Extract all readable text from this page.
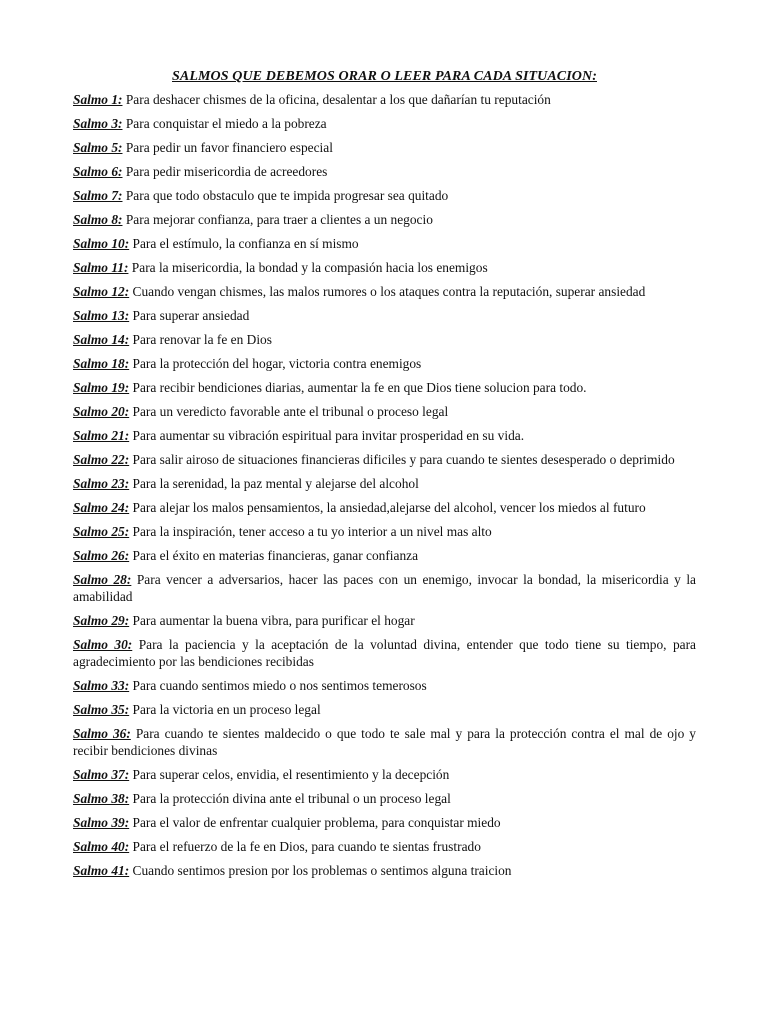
SALMOS QUE DEBEMOS ORAR O LEER PARA CADA SITUACION:
Salmo 1: Para deshacer chismes de la oficina, desalentar a los que dañarían tu reputación
Salmo 3: Para conquistar el miedo a la pobreza
Salmo 5: Para pedir un favor financiero especial
Salmo 6: Para pedir misericordia de acreedores
Salmo 7: Para que todo obstaculo que te impida progresar sea quitado
Salmo 8: Para mejorar confianza, para traer a clientes a un negocio
Salmo 10: Para el estímulo, la confianza en sí mismo
Salmo 11: Para la misericordia, la bondad y la compasión hacia los enemigos
Salmo 12: Cuando vengan chismes, las malos rumores o los ataques contra la reputación, superar ansiedad
Salmo 13: Para superar ansiedad
Salmo 14: Para renovar la fe en Dios
Salmo 18: Para la protección del hogar, victoria contra enemigos
Salmo 19: Para recibir bendiciones diarias, aumentar la fe en que Dios tiene solucion para todo.
Salmo 20: Para un veredicto favorable ante el tribunal o proceso legal
Salmo 21: Para aumentar su vibración espiritual para invitar prosperidad en su vida.
Salmo 22: Para salir airoso de situaciones financieras dificiles y para cuando te sientes desesperado o deprimido
Salmo 23: Para la serenidad, la paz mental y alejarse del alcohol
Salmo 24: Para alejar los malos pensamientos, la ansiedad,alejarse del alcohol, vencer los miedos al futuro
Salmo 25: Para la inspiración, tener acceso a tu yo interior a un nivel mas alto
Salmo 26: Para el éxito en materias financieras, ganar confianza
Salmo 28: Para vencer a adversarios, hacer las paces con un enemigo, invocar la bondad, la misericordia y la amabilidad
Salmo 29: Para aumentar la buena vibra, para purificar el hogar
Salmo 30: Para la paciencia y la aceptación de la voluntad divina, entender que todo tiene su tiempo, para agradecimiento por las bendiciones recibidas
Salmo 33: Para cuando sentimos miedo o nos sentimos temerosos
Salmo 35: Para la victoria en un proceso legal
Salmo 36: Para cuando te sientes maldecido o que todo te sale mal y para la protección contra el mal de ojo y recibir bendiciones divinas
Salmo 37: Para superar celos, envidia, el resentimiento y la decepción
Salmo 38: Para la protección divina ante el tribunal o un proceso legal
Salmo 39: Para el valor de enfrentar cualquier problema, para conquistar miedo
Salmo 40: Para el refuerzo de la fe en Dios, para cuando te sientas frustrado
Salmo 41: Cuando sentimos presion por los problemas o sentimos alguna traicion
